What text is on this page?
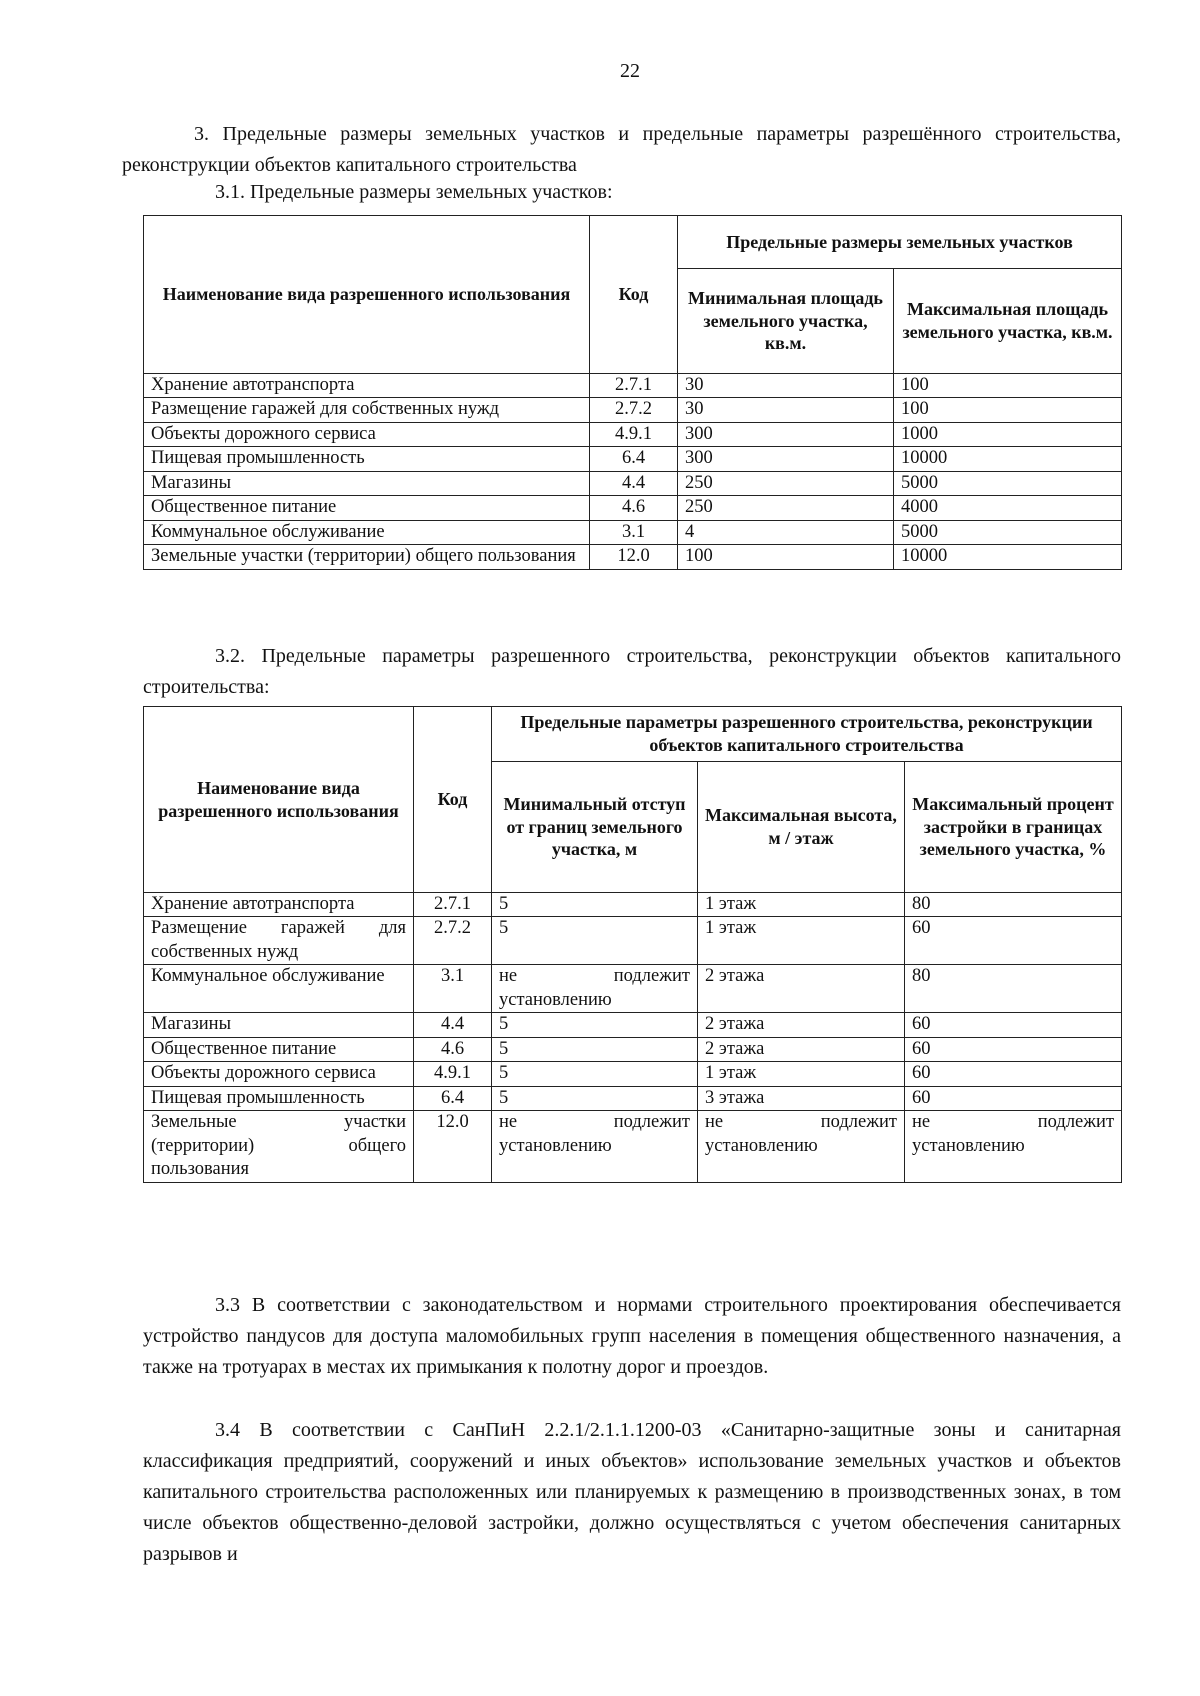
22
3. Предельные размеры земельных участков и предельные параметры разрешённого строительства, реконструкции объектов капитального строительства
3.1. Предельные размеры земельных участков:
Наименование вида разрешенного использования	Код	Предельные размеры земельных участков	
		Минимальная площадь земельного участка, кв.м.	Максимальная площадь земельного участка, кв.м.
Хранение автотранспорта	2.7.1	30	100
Размещение гаражей для собственных нужд	2.7.2	30	100
Объекты дорожного сервиса	4.9.1	300	1000
Пищевая промышленность	6.4	300	10000
Магазины	4.4	250	5000
Общественное питание	4.6	250	4000
Коммунальное обслуживание	3.1	4	5000
Земельные участки (территории) общего пользования	12.0	100	10000
3.2. Предельные параметры разрешенного строительства, реконструкции объектов капитального строительства:
Наименование вида разрешенного использования	Код	Предельные параметры разрешенного строительства, реконструкции объектов капитального строительства		
		Минимальный отступ от границ земельного участка, м	Максимальная высота, м / этаж	Максимальный процент застройки в границах земельного участка, %
Хранение автотранспорта	2.7.1	5	1 этаж	80
Размещение гаражей для собственных нужд	2.7.2	5	1 этаж	60
Коммунальное обслуживание	3.1	не подлежит установлению	2 этажа	80
Магазины	4.4	5	2 этажа	60
Общественное питание	4.6	5	2 этажа	60
Объекты дорожного сервиса	4.9.1	5	1 этаж	60
Пищевая промышленность	6.4	5	3 этажа	60
Земельные участки (территории) общего пользования	12.0	не подлежит установлению	не подлежит установлению	не подлежит установлению
3.3 В соответствии с законодательством и нормами строительного проектирования обеспечивается устройство пандусов для доступа маломобильных групп населения в помещения общественного назначения, а также на тротуарах в местах их примыкания к полотну дорог и проездов.
3.4 В соответствии с СанПиН 2.2.1/2.1.1.1200-03 «Санитарно-защитные зоны и санитарная классификация предприятий, сооружений и иных объектов» использование земельных участков и объектов капитального строительства расположенных или планируемых к размещению в производственных зонах, в том числе объектов общественно-деловой застройки, должно осуществляться с учетом обеспечения санитарных разрывов и
